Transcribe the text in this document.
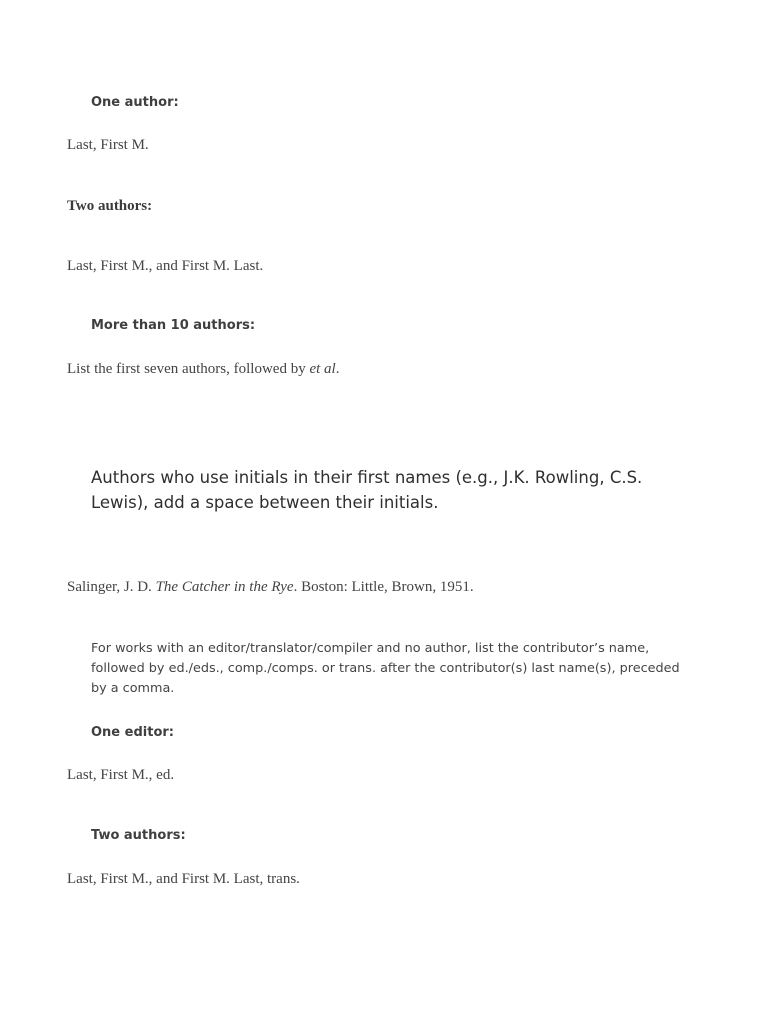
One author:

Last, First M.

Two authors:

Last, First M., and First M. Last.

More than 10 authors:

List the first seven authors, followed by et al.

Authors who use initials in their first names (e.g., J.K. Rowling, C.S. Lewis), add a space between their initials.

Salinger, J. D. The Catcher in the Rye. Boston: Little, Brown, 1951.

For works with an editor/translator/compiler and no author, list the contributor’s name, followed by ed./eds., comp./comps. or trans. after the contributor(s) last name(s), preceded by a comma.

One editor:

Last, First M., ed.

Two authors:

Last, First M., and First M. Last, trans.
